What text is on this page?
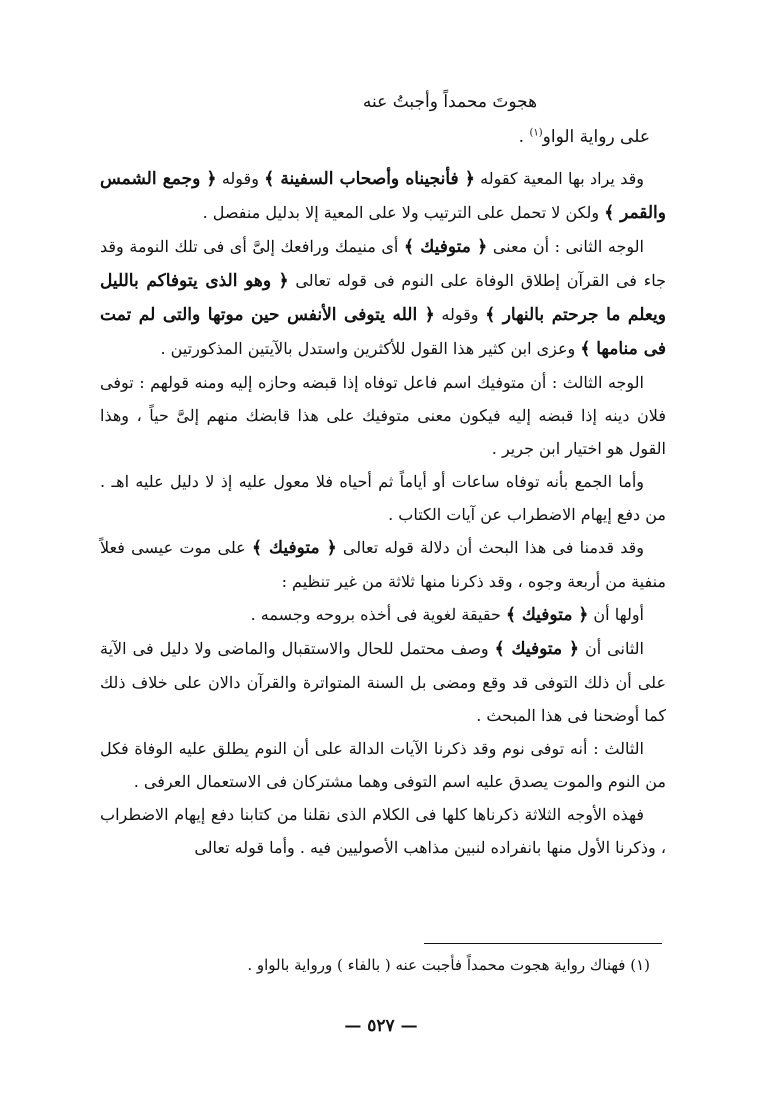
هجوتَ محمداً وأجبتُ عنه
على رواية الواو$^{(١)}$ .

وقد يراد بها المعية كقوله ﴿ فأنجيناه وأصحاب السفينة ﴾ وقوله ﴿ وجمع الشمس والقمر ﴾ ولكن لا تحمل على الترتيب ولا على المعية إلا بدليل منفصل .

الوجه الثانى : أن معنى ﴿ متوفيك ﴾ أى منيمك ورافعك إلىَّ أى فى تلك النومة وقد جاء فى القرآن إطلاق الوفاة على النوم فى قوله تعالى ﴿ وهو الذى يتوفاكم بالليل ويعلم ما جرحتم بالنهار ﴾ وقوله ﴿ الله يتوفى الأنفس حين موتها والتى لم تمت فى منامها ﴾ وعزى ابن كثير هذا القول للأكثرين واستدل بالآيتين المذكورتين .

الوجه الثالث : أن متوفيك اسم فاعل توفاه إذا قبضه وحازه إليه ومنه قولهم : توفى فلان دينه إذا قبضه إليه فيكون معنى متوفيك على هذا قابضك منهم إلىَّ حياً ، وهذا القول هو اختيار ابن جرير .

وأما الجمع بأنه توفاه ساعات أو أياماً ثم أحياه فلا معول عليه إذ لا دليل عليه اهـ . من دفع إيهام الاضطراب عن آيات الكتاب .

وقد قدمنا فى هذا البحث أن دلالة قوله تعالى ﴿ متوفيك ﴾ على موت عيسى فعلاً منفية من أربعة وجوه ، وقد ذكرنا منها ثلاثة من غير تنظيم :

أولها أن ﴿ متوفيك ﴾ حقيقة لغوية فى أخذه بروحه وجسمه .

الثانى أن ﴿ متوفيك ﴾ وصف محتمل للحال والاستقبال والماضى ولا دليل فى الآية على أن ذلك التوفى قد وقع ومضى بل السنة المتواترة والقرآن دالان على خلاف ذلك كما أوضحنا فى هذا المبحث .

الثالث : أنه توفى نوم وقد ذكرنا الآيات الدالة على أن النوم يطلق عليه الوفاة فكل من النوم والموت يصدق عليه اسم التوفى وهما مشتركان فى الاستعمال العرفى .

فهذه الأوجه الثلاثة ذكرناها كلها فى الكلام الذى نقلنا من كتابنا دفع إيهام الاضطراب ، وذكرنا الأول منها بانفراده لنبين مذاهب الأصوليين فيه . وأما قوله تعالى

(١) فهناك رواية هجوت محمداً فأجبت عنه ( بالفاء ) ورواية بالواو .
— ٥٢٧ —
